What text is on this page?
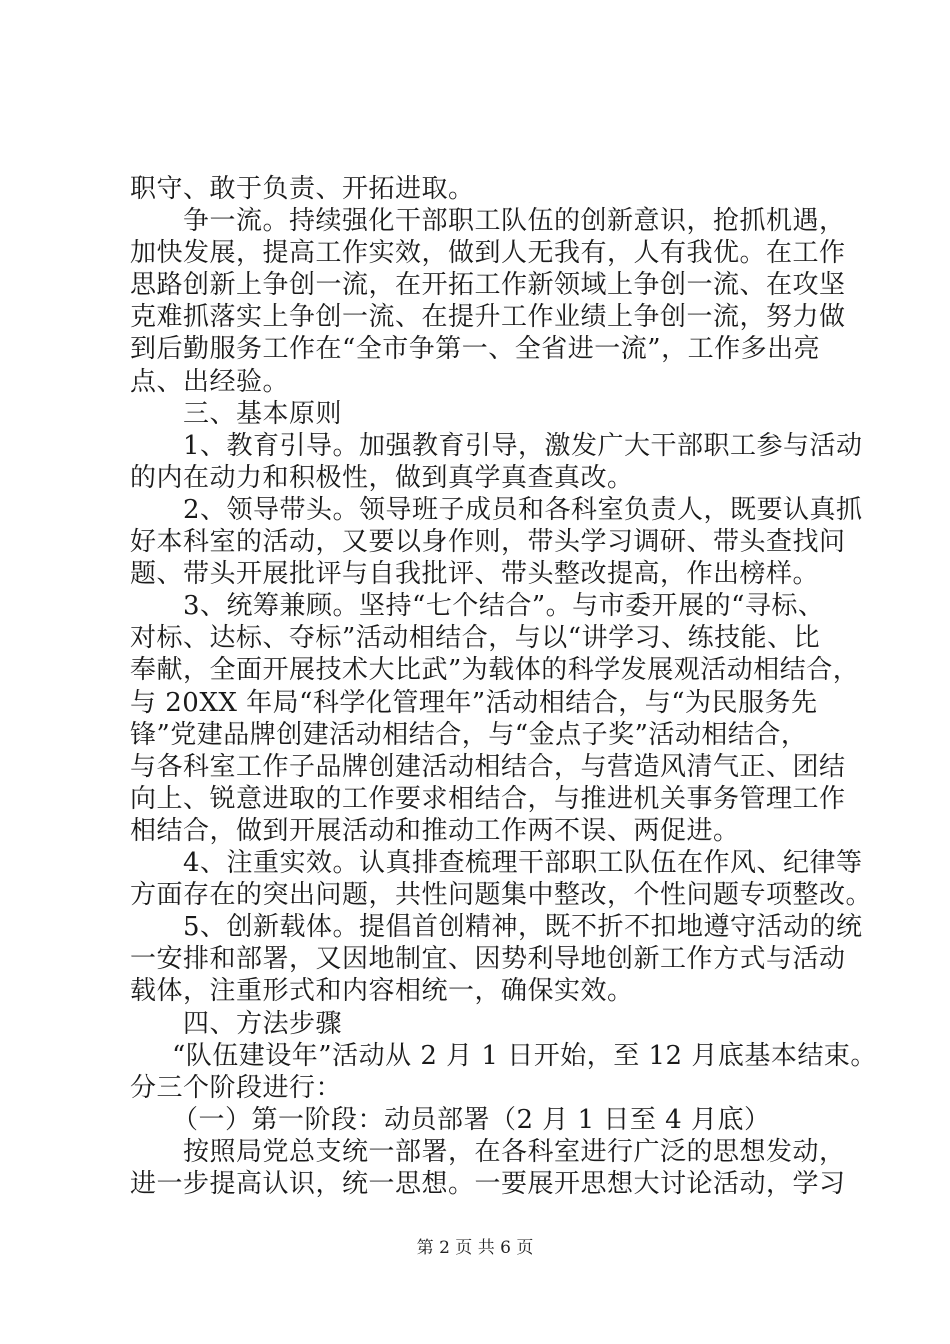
职守、敢于负责、开拓进取。
争一流。持续强化干部职工队伍的创新意识，抢抓机遇，
加快发展，提高工作实效，做到人无我有，人有我优。在工作
思路创新上争创一流，在开拓工作新领域上争创一流、在攻坚
克难抓落实上争创一流、在提升工作业绩上争创一流，努力做
到后勤服务工作在“全市争第一、全省进一流”，工作多出亮
点、出经验。
三、基本原则
1、教育引导。加强教育引导，激发广大干部职工参与活动
的内在动力和积极性，做到真学真查真改。
2、领导带头。领导班子成员和各科室负责人，既要认真抓
好本科室的活动，又要以身作则，带头学习调研、带头查找问
题、带头开展批评与自我批评、带头整改提高，作出榜样。
3、统筹兼顾。坚持“七个结合”。与市委开展的“寻标、
对标、达标、夺标”活动相结合，与以“讲学习、练技能、比
奉献，全面开展技术大比武”为载体的科学发展观活动相结合，
与 20XX 年局“科学化管理年”活动相结合，与“为民服务先
锋”党建品牌创建活动相结合，与“金点子奖”活动相结合，
与各科室工作子品牌创建活动相结合，与营造风清气正、团结
向上、锐意进取的工作要求相结合，与推进机关事务管理工作
相结合，做到开展活动和推动工作两不误、两促进。
4、注重实效。认真排查梳理干部职工队伍在作风、纪律等
方面存在的突出问题，共性问题集中整改，个性问题专项整改。
5、创新载体。提倡首创精神，既不折不扣地遵守活动的统
一安排和部署，又因地制宜、因势利导地创新工作方式与活动
载体，注重形式和内容相统一，确保实效。
四、方法步骤
“队伍建设年”活动从 2 月 1 日开始，至 12 月底基本结束。
分三个阶段进行：
（一）第一阶段：动员部署（2 月 1 日至 4 月底）
按照局党总支统一部署，在各科室进行广泛的思想发动，
进一步提高认识，统一思想。一要展开思想大讨论活动，学习
第 2 页 共 6 页
